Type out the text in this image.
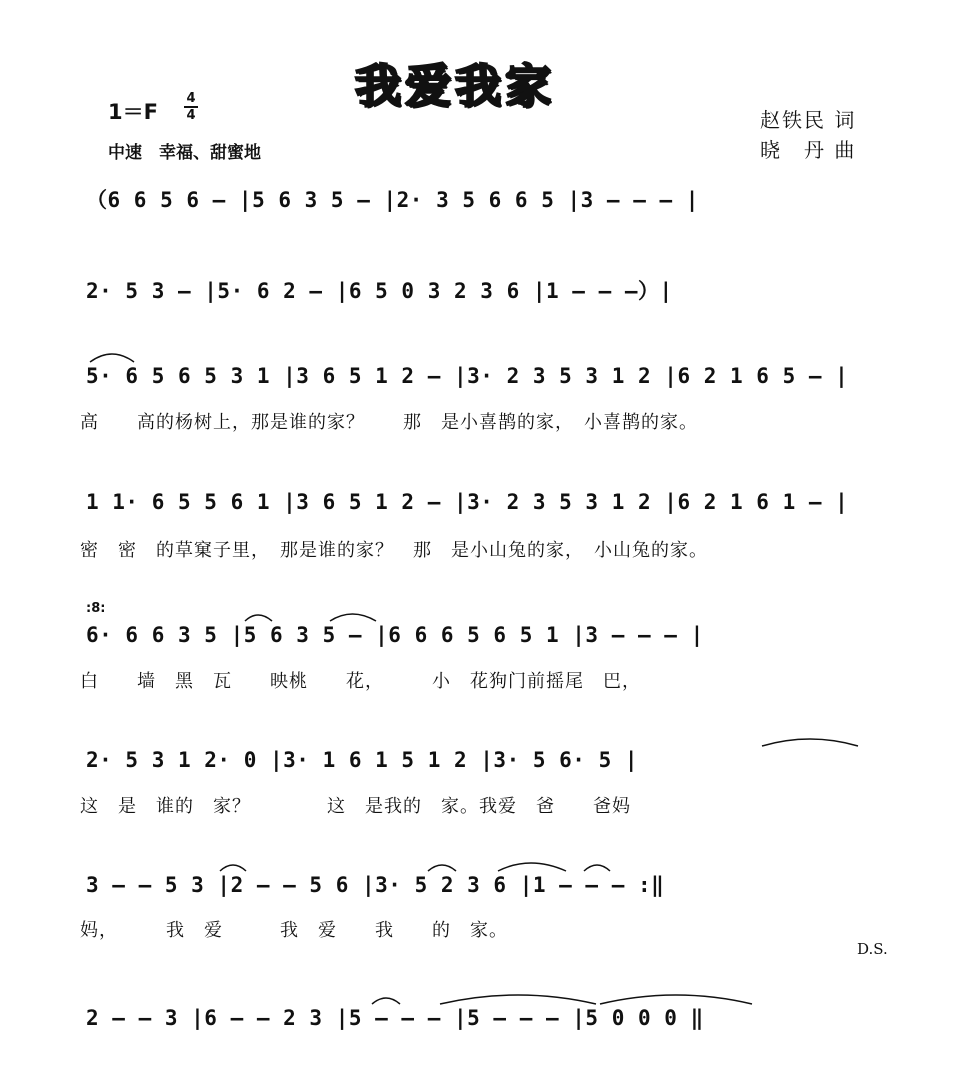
我爱我家
1＝F
4
4
中速　幸福、甜蜜地
赵铁民 词
晓　丹 曲
（6 6 5 6 – |5 6 3 5 – |2· 3 5 6 6 5 |3 – – – |
2· 5 3 – |5· 6 2 – |6 5 0 3 2 3 6 |1 – – –）|
5· 6 5 6 5 3 1 |3 6 5 1 2 – |3· 2 3 5 3 1 2 |6 2 1 6 5 – |
高　　高的杨树上，那是谁的家？　　那　是小喜鹊的家，　小喜鹊的家。
1 1· 6 5 5 6 1 |3 6 5 1 2 – |3· 2 3 5 3 1 2 |6 2 1 6 1 – |
密　密　的草窠子里，　那是谁的家？　那　是小山兔的家，　小山兔的家。
:8:
6· 6 6 3 5 |5 6 3 5 – |6 6 6 5 6 5 1 |3 – – – |
白　　墙　黑　瓦　　映桃　　花，　　　小　花狗门前摇尾　巴，
2· 5 3 1 2· 0 |3· 1 6 1 5 1 2 |3· 5 6· 5 |
这　是　谁的　家？　　　　这　是我的　家。我爱　爸　　爸妈
3 – – 5 3 |2 – – 5 6 |3· 5 2 3 6 |1 – – – :‖
妈，　　　我　爱　　　我　爱　　我　　的　家。
D.S.
2 – – 3 |6 – – 2 3 |5 – – – |5 – – – |5 0 0 0 ‖
